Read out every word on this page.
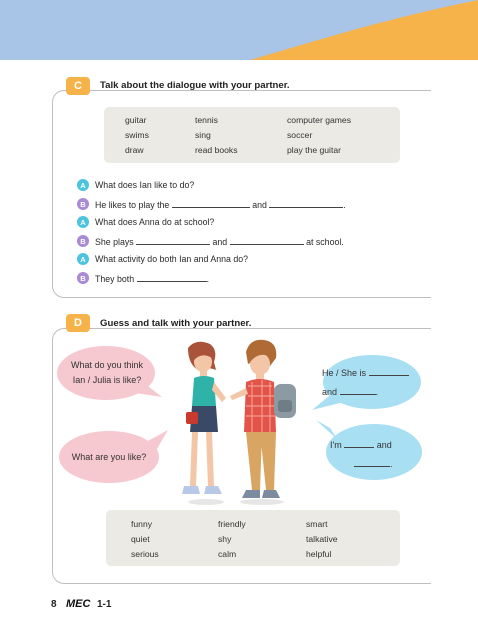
C	Talk about the dialogue with your partner.
guitar	tennis	computer games
swims	sing	soccer
draw	read books	play the guitar
A	What does Ian like to do?
B	He likes to play the	and	.
A	What does Anna do at school?
B	She plays	and	at school.
A	What activity do both Ian and Anna do?
B	They both	.
D	Guess and talk with your partner.
What do you think
Ian / Julia is like?
What are you like?
He / She is
and	.
I'm	and
.
funny	friendly	smart
quiet	shy	talkative
serious	calm	helpful
8 MEC 1-1
